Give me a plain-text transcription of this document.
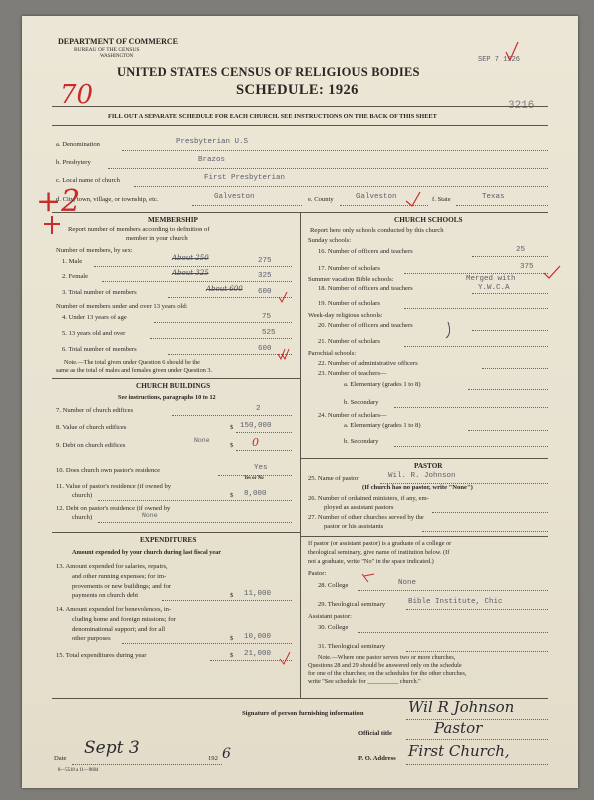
DEPARTMENT OF COMMERCE
BUREAU OF THE CENSUS
WASHINGTON
UNITED STATES CENSUS OF RELIGIOUS BODIES
SCHEDULE: 1926
70
SEP 7 1926
3216
FILL OUT A SEPARATE SCHEDULE FOR EACH CHURCH. SEE INSTRUCTIONS ON THE BACK OF THIS SHEET
a. Denomination	Presbyterian U.S
b. Presbytery	Brazos
c. Local name of church	First Presbyterian
+2
d. City, town, village, or township, etc.	Galveston	e. County	Galveston	f. State	Texas
MEMBERSHIP
Report number of members according to definition of
member in your church
Number of members, by sex:
1. Male	About 250	275
2. Female	About 325	325
3. Total number of members	About 600 600
Number of members under and over 13 years old:
4. Under 13 years of age	75
5. 13 years old and over	525
6. Total number of members	600
Note.—The total given under Question 6 should be the
same as the total of males and females given under Question 3.
CHURCH BUILDINGS
See instructions, paragraphs 10 to 12
7. Number of church edifices	2
8. Value of church edifices	$ 150,000
9. Debt on church edifices	$
None	0
10. Does church own pastor's residence	Yes
Yes or No
11. Value of pastor's residence (if owned by
church)	$ 8,000
12. Debt on pastor's residence (if owned by
church)	None
EXPENDITURES
Amount expended by your church during last fiscal year
13. Amount expended for salaries, repairs,
and other running expenses; for im-
provements or new buildings; and for
payments on church debt	$ 11,000
14. Amount expended for benevolences, in-
cluding home and foreign missions; for
denominational support; and for all
other purposes	$ 10,000
15. Total expenditures during year	$ 21,000
CHURCH SCHOOLS
Report here only schools conducted by this church
Sunday schools:
16. Number of officers and teachers	25
17. Number of scholars	375
Summer vacation Bible schools:
18. Number of officers and teachers
Merged with
Y.W.C.A
19. Number of scholars
Week-day religious schools:
20. Number of officers and teachers
21. Number of scholars
Parochial schools:
22. Number of administrative officers
23. Number of teachers—
a. Elementary (grades 1 to 8)
b. Secondary
24. Number of scholars—
a. Elementary (grades 1 to 8)
b. Secondary
PASTOR
25. Name of pastor	Wil. R. Johnson
(If church has no pastor, write "None")
26. Number of ordained ministers, if any, em-
ployed as assistant pastors
27. Number of other churches served by the
pastor or his assistants
If pastor (or assistant pastor) is a graduate of a college or
theological seminary, give name of institution below. (If
not a graduate, write "No" in the space indicated.)
Pastor:
28. College	None
29. Theological seminary	Bible Institute, Chic
Assistant pastor:
30. College
31. Theological seminary
Note.—Where one pastor serves two or more churches,
Questions 28 and 29 should be answered only on the schedule
for one of the churches; on the schedules for the other churches,
write "See schedule for __________ church."
Signature of person furnishing information	Wil R Johnson
Official title	Pastor
Date
Sept 3
192 6	P. O. Address First Church,
8—5518 a 11—9684
